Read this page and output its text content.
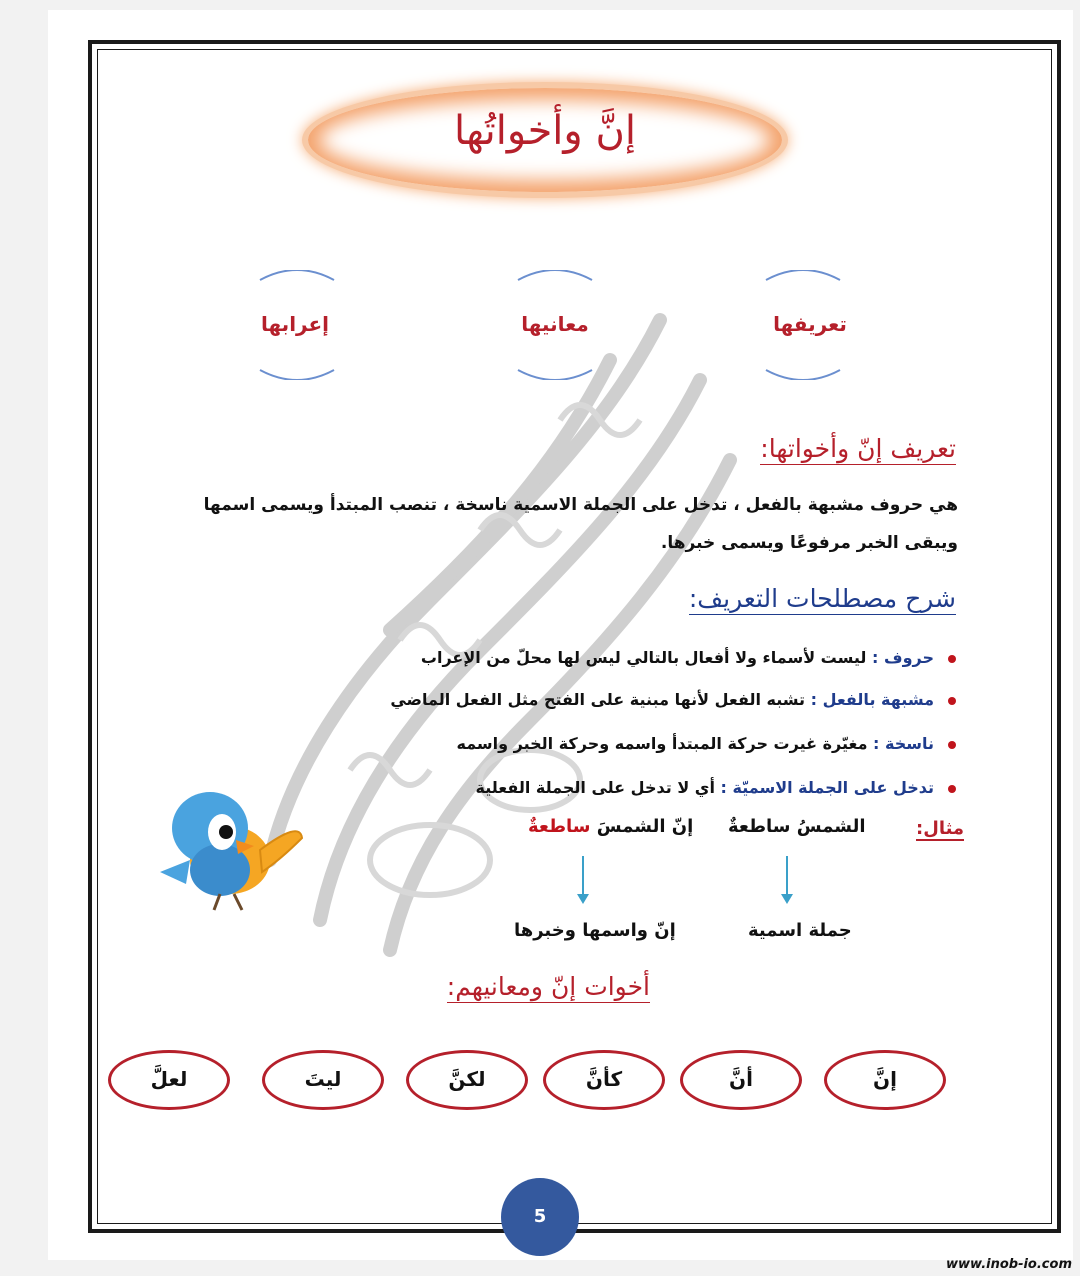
إنَّ وأخواتُها
تعريفها
معانيها
إعرابها
تعريف إنّ وأخواتها:
هي حروف مشبهة بالفعل ، تدخل على الجملة الاسمية ناسخة ، تنصب المبتدأ ويسمى اسمها ويبقى الخبر مرفوعًا ويسمى خبرها.
شرح مصطلحات التعريف:
حروف : ليست لأسماء ولا أفعال بالتالي ليس لها محلّ من الإعراب
مشبهة بالفعل : تشبه الفعل لأنها مبنية على الفتح مثل الفعل الماضي
ناسخة : مغيّرة غيرت حركة المبتدأ واسمه وحركة الخبر واسمه
تدخل على الجملة الاسميّة : أي لا تدخل على الجملة الفعلية
مثال:
الشمسُ ساطعةٌ
إنّ الشمسَ ساطعة
جملة اسمية
إنّ واسمها وخبرها
أخوات إنّ ومعانيهم:
إنَّ
أنَّ
كأنَّ
لكنَّ
ليتَ
لعلَّ
5
www.inob-io.com
